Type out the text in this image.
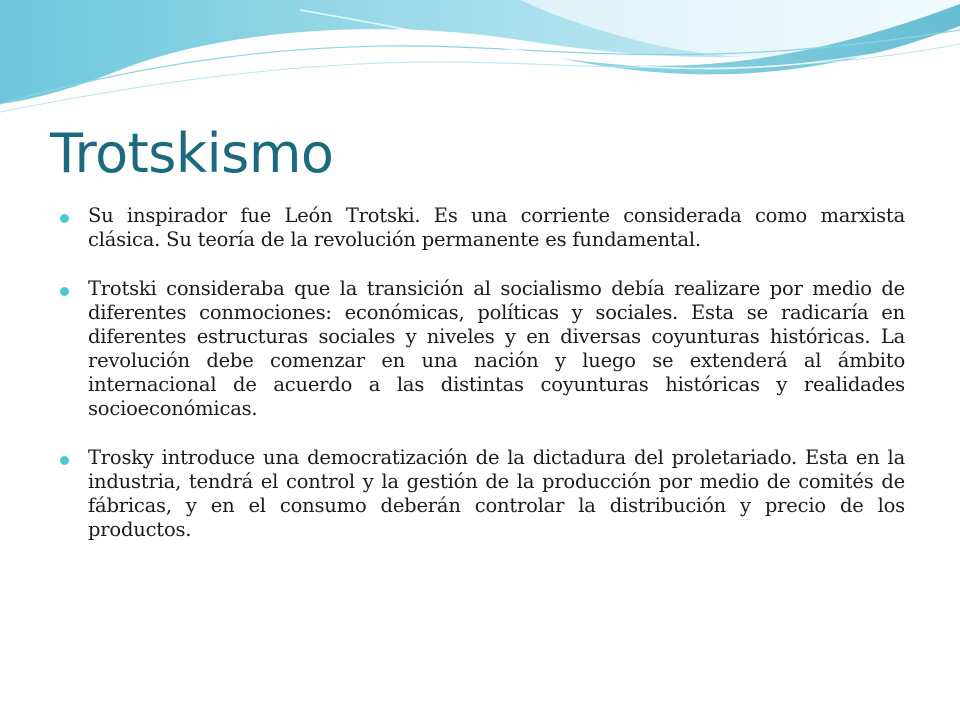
Trotskismo
Su inspirador fue León Trotski. Es una corriente considerada como marxista clásica. Su teoría de la revolución permanente es fundamental.
Trotski consideraba que la transición al socialismo debía realizare por medio de diferentes conmociones: económicas, políticas y sociales. Esta se radicaría en diferentes estructuras sociales y niveles y en diversas coyunturas históricas. La revolución debe comenzar en una nación y luego se extenderá al ámbito internacional de acuerdo a las distintas coyunturas históricas y realidades socioeconómicas.
Trosky introduce una democratización de la dictadura del proletariado. Esta en la industria, tendrá el control y la gestión de la producción por medio de comités de fábricas, y en el consumo deberán controlar la distribución y precio de los productos.
